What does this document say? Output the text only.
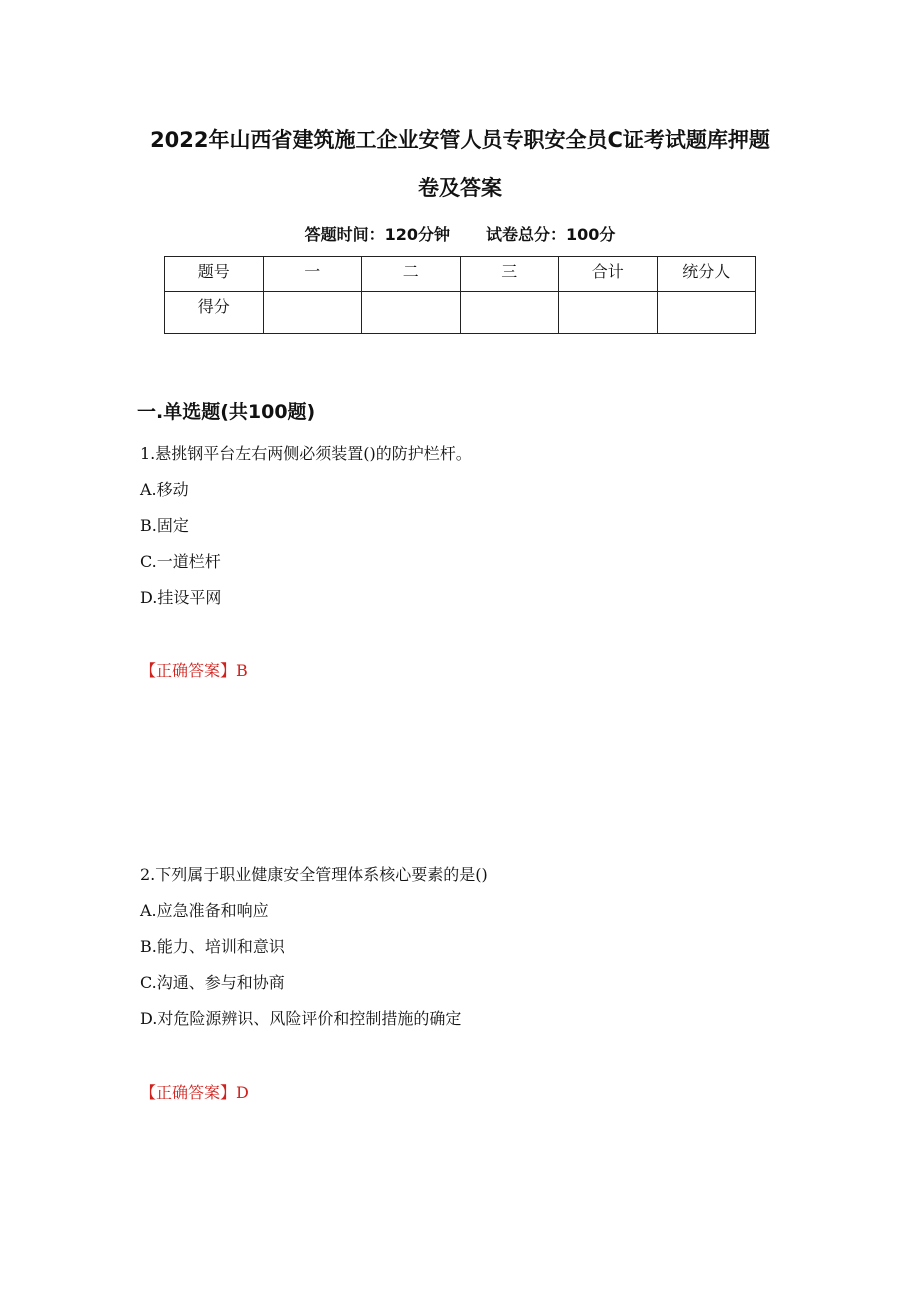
2022年山西省建筑施工企业安管人员专职安全员C证考试题库押题
卷及答案
答题时间：120分钟 试卷总分：100分
题号	一	二	三	合计	统分人
得分					
一.单选题(共100题)
1.悬挑钢平台左右两侧必须装置()的防护栏杆。
A.移动
B.固定
C.一道栏杆
D.挂设平网
【正确答案】B
2.下列属于职业健康安全管理体系核心要素的是()
A.应急准备和响应
B.能力、培训和意识
C.沟通、参与和协商
D.对危险源辨识、风险评价和控制措施的确定
【正确答案】D
